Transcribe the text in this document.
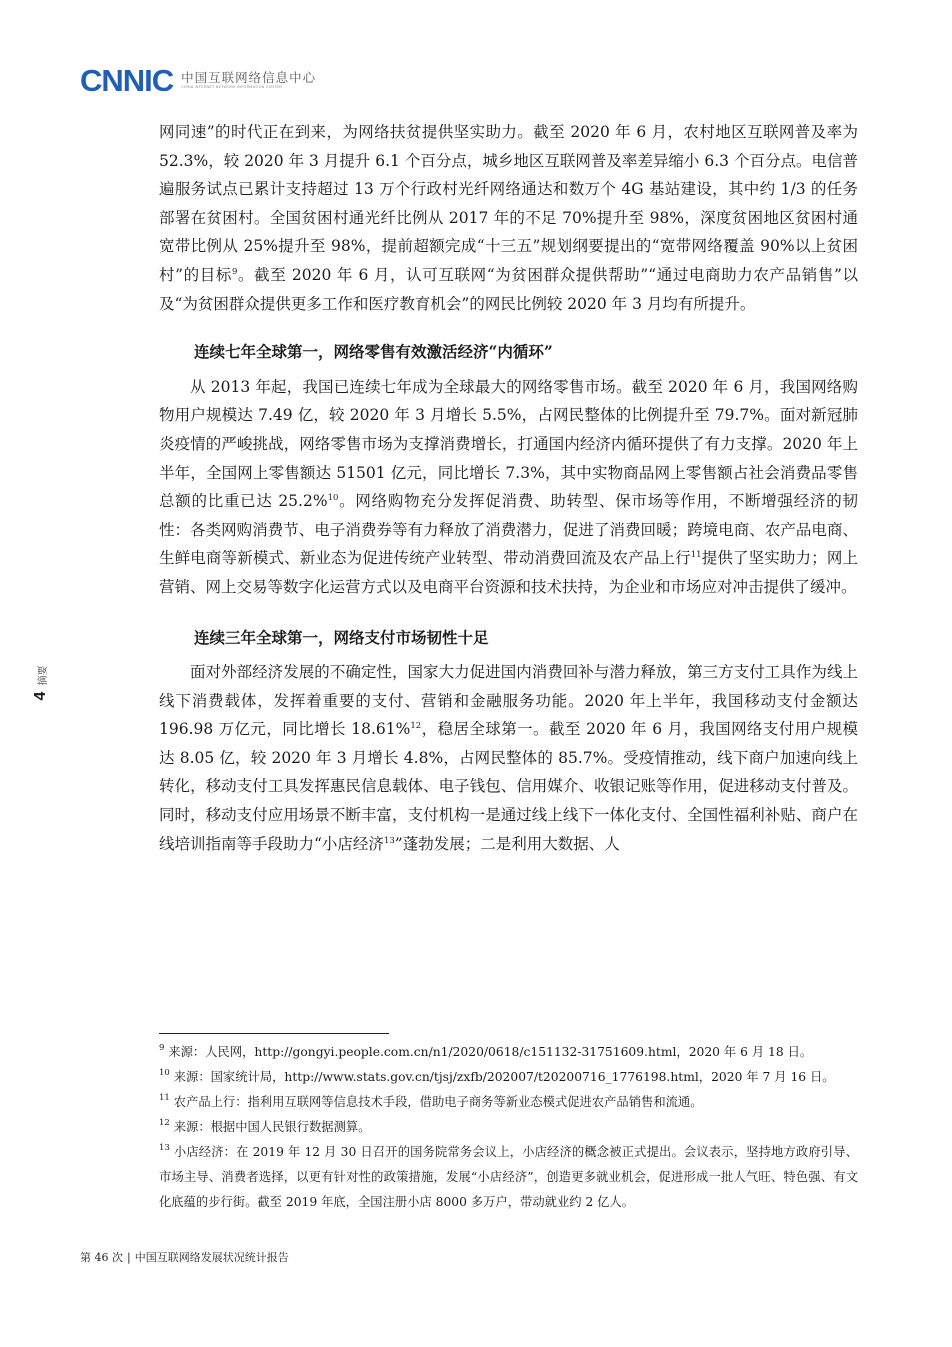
CNNIC 中国互联网络信息中心
CHINA INTERNET NETWORK INFORMATION CENTER
4
摘要

网同速”的时代正在到来，为网络扶贫提供坚实助力。截至 2020 年 6 月，农村地区互联网普及率为 52.3%，较 2020 年 3 月提升 6.1 个百分点，城乡地区互联网普及率差异缩小 6.3 个百分点。电信普遍服务试点已累计支持超过 13 万个行政村光纤网络通达和数万个 4G 基站建设，其中约 1/3 的任务部署在贫困村。全国贫困村通光纤比例从 2017 年的不足 70%提升至 98%，深度贫困地区贫困村通宽带比例从 25%提升至 98%，提前超额完成“十三五”规划纲要提出的“宽带网络覆盖 90%以上贫困村”的目标$^9$。截至 2020 年 6 月，认可互联网“为贫困群众提供帮助”“通过电商助力农产品销售”以及“为贫困群众提供更多工作和医疗教育机会”的网民比例较 2020 年 3 月均有所提升。

连续七年全球第一，网络零售有效激活经济“内循环”

从 2013 年起，我国已连续七年成为全球最大的网络零售市场。截至 2020 年 6 月，我国网络购物用户规模达 7.49 亿，较 2020 年 3 月增长 5.5%，占网民整体的比例提升至 79.7%。面对新冠肺炎疫情的严峻挑战，网络零售市场为支撑消费增长，打通国内经济内循环提供了有力支撑。2020 年上半年，全国网上零售额达 51501 亿元，同比增长 7.3%，其中实物商品网上零售额占社会消费品零售总额的比重已达 25.2%$^{10}$。网络购物充分发挥促消费、助转型、保市场等作用，不断增强经济的韧性：各类网购消费节、电子消费券等有力释放了消费潜力，促进了消费回暖；跨境电商、农产品电商、生鲜电商等新模式、新业态为促进传统产业转型、带动消费回流及农产品上行$^{11}$提供了坚实助力；网上营销、网上交易等数字化运营方式以及电商平台资源和技术扶持，为企业和市场应对冲击提供了缓冲。

连续三年全球第一，网络支付市场韧性十足

面对外部经济发展的不确定性，国家大力促进国内消费回补与潜力释放，第三方支付工具作为线上线下消费载体，发挥着重要的支付、营销和金融服务功能。2020 年上半年，我国移动支付金额达 196.98 万亿元，同比增长 18.61%$^{12}$，稳居全球第一。截至 2020 年 6 月，我国网络支付用户规模达 8.05 亿，较 2020 年 3 月增长 4.8%，占网民整体的 85.7%。受疫情推动，线下商户加速向线上转化，移动支付工具发挥惠民信息载体、电子钱包、信用媒介、收银记账等作用，促进移动支付普及。同时，移动支付应用场景不断丰富，支付机构一是通过线上线下一体化支付、全国性福利补贴、商户在线培训指南等手段助力“小店经济$^{13}$”蓬勃发展；二是利用大数据、人

$^9$ 来源：人民网，http://gongyi.people.com.cn/n1/2020/0618/c151132-31751609.html，2020 年 6 月 18 日。

$^{10}$ 来源：国家统计局，http://www.stats.gov.cn/tjsj/zxfb/202007/t20200716_1776198.html，2020 年 7 月 16 日。

$^{11}$ 农产品上行：指利用互联网等信息技术手段，借助电子商务等新业态模式促进农产品销售和流通。

$^{12}$ 来源：根据中国人民银行数据测算。

$^{13}$ 小店经济：在 2019 年 12 月 30 日召开的国务院常务会议上，小店经济的概念被正式提出。会议表示，坚持地方政府引导、市场主导、消费者选择，以更有针对性的政策措施，发展“小店经济”，创造更多就业机会，促进形成一批人气旺、特色强、有文化底蕴的步行街。截至 2019 年底，全国注册小店 8000 多万户，带动就业约 2 亿人。

第 46 次 | 中国互联网络发展状况统计报告
